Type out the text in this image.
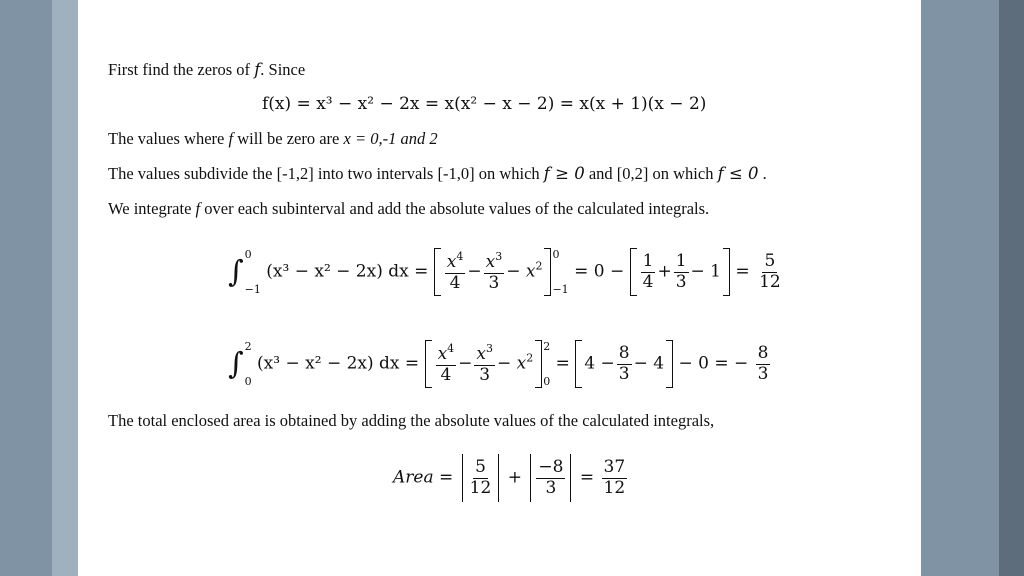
First find the zeros of f. Since
f(x) = x³ − x² − 2x = x(x² − x − 2) = x(x + 1)(x − 2)
The values where f will be zero are x = 0,-1 and 2
The values subdivide the [-1,2] into two intervals [-1,0] on which f ≥ 0 and [0,2] on which f ≤ 0 .
We integrate f over each subinterval and add the absolute values of the calculated integrals.
∫ 0
−1
(x³ − x² − 2x) dx = $\frac{x^4}{4} - \frac{x^3}{3} - x^2$
0
−1
= $0 - \frac{1}{4} + \frac{1}{3} - 1 = \frac{5}{12}$
∫ 2
0
(x³ − x² − 2x) dx = $\frac{x^4}{4} - \frac{x^3}{3} - x^2$
2
0
= $4 - \frac{8}{3} - 4 - 0$ = − $\frac{8}{3}$
The total enclosed area is obtained by adding the absolute values of the calculated integrals,
Area = $\frac{5}{12} + \frac{-8}{3} = \frac{37}{12}$
